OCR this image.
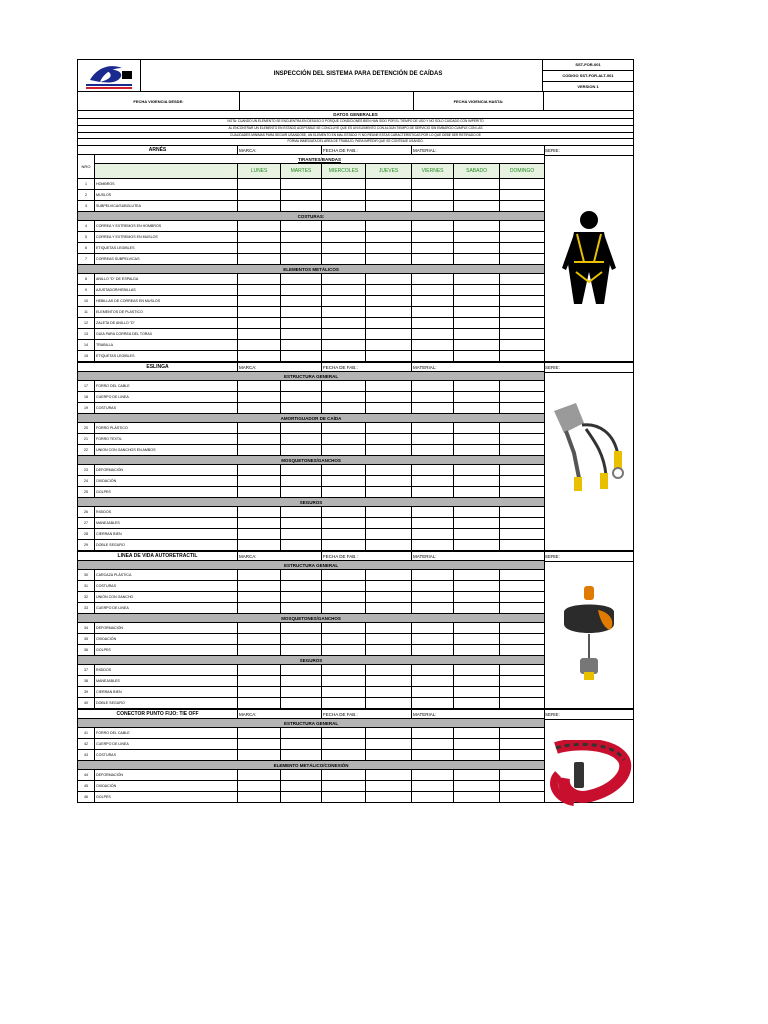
INSPECCIÓN DEL SISTEMA PARA DETENCIÓN DE CAÍDAS
SST-FOR-001
CODIGO SST-FOR-ALT-001
VERSION 1
FECHA VIGENCIA DESDE:	FECHA VIGENCIA HASTA:
DATOS GENERALES
NOTA: CUANDO UN ELEMENTO SE ENCUENTRA EN DESUSO O PORQUE CONDICIONES BIEN HAN SIDO POR EL TIEMPO DE USO Y NO SOLO CUIDADO CON IMPERITO
AL ENCONTRAR UN ELEMENTO EN ESTADO ACEPTABLE SE CONCLUYE QUE ES UN ELEMENTO CON ALGÚN TIEMPO DE SERVICIO SIN EMBARGO CUMPLE CON LAS
CUALIDADES MINIMAS PARA SEGUIR USANDOSE, UN ELEMENTO EN MAL ESTADO Y/ NO REÚNE ESTAS CARACTERISTICAS POR LO QUE DEBE SER RETIRADO DE
FORMA INMEDIATA DEL AREA DE TRABAJO, PARA IMPEDIR QUE SE CONTINUE USANDO.
ARNÉS		MARCA:		FECHA DE FAB.:		MATERIAL:		
NRO	TIRANTES/BANDAS							
		LUNES	MARTES	MIERCOLES	JUEVES	VIERNES	SABADO	DOMINGO
1	HOMBROS							
2	MUSLOS							
3	SUBPELVICA/SUBGLUTEA							
COSTURAS:								
4	CORREA Y EXTREMOS EN HOMBROS							
5	CORREA Y EXTREMOS EN MUSLOS							
6	ETIQUETAS LEGIBLES							
7	CORREAS SUBPELVICAS							
ELEMENTOS METÁLICOS								
8	ANILLO "D" DE ESPALDA							
9	AJUSTADOR/HEBILLAS							
10	HEBILLAS DE CORREAS EN MUSLOS							
11	ELEMENTOS DE PLASTICO							
12	ZALETA DE ANILLO "D"							
13	GUIA PARA CORREA DEL TORAX							
14	TRABILLA							
15	ETIQUETAS LEGIBLES							
SERIE:
ESLINGA		MARCA:		FECHA DE FAB.:		MATERIAL:		
ESTRUCTURA GENERAL								
17	FORRO DEL CABLE							
18	CUERPO DE LINEA							
19	COSTURAS							
AMORTIGUADOR DE CAÍDA								
20	FORRO PLÁSTICO							
21	FORRO TEXTIL							
22	UNION CON GANCHOS EN AMBOS							
MOSQUETONES/GANCHOS								
23	DEFORMACIÓN							
24	OXIDACIÓN							
25	GOLPES							
SEGUROS								
26	RIGIDOS							
27	MANEJABLES							
28	CIERRAN BIEN							
29	DOBLE SEGURO							
SERIE:
LINEA DE VIDA AUTORETRACTIL		MARCA:		FECHA DE FAB.:		MATERIAL:		
ESTRUCTURA GENERAL								
30	CARCAZA PLÁSTICA							
31	COSTURAS							
32	UNIÓN CON GANCHO							
33	CUERPO DE LINEA							
MOSQUETONES/GANCHOS								
34	DEFORMACIÓN							
35	OXIDACIÓN							
36	GOLPES							
SEGUROS								
37	RIGIDOS							
38	MANEJABLES							
39	CIERRAN BIEN							
40	DOBLE SEGURO							
SERIE:
CONECTOR PUNTO FIJO: TIE OFF		MARCA:		FECHA DE FAB.:		MATERIAL:		
ESTRUCTURA GENERAL								
41	FORRO DEL CABLE							
42	CUERPO DE LINEA							
43	COSTURAS							
ELEMENTO METÁLICO/CONEXIÓN								
44	DEFORMACIÓN							
45	OXIDACIÓN							
46	GOLPES							
SERIE:
